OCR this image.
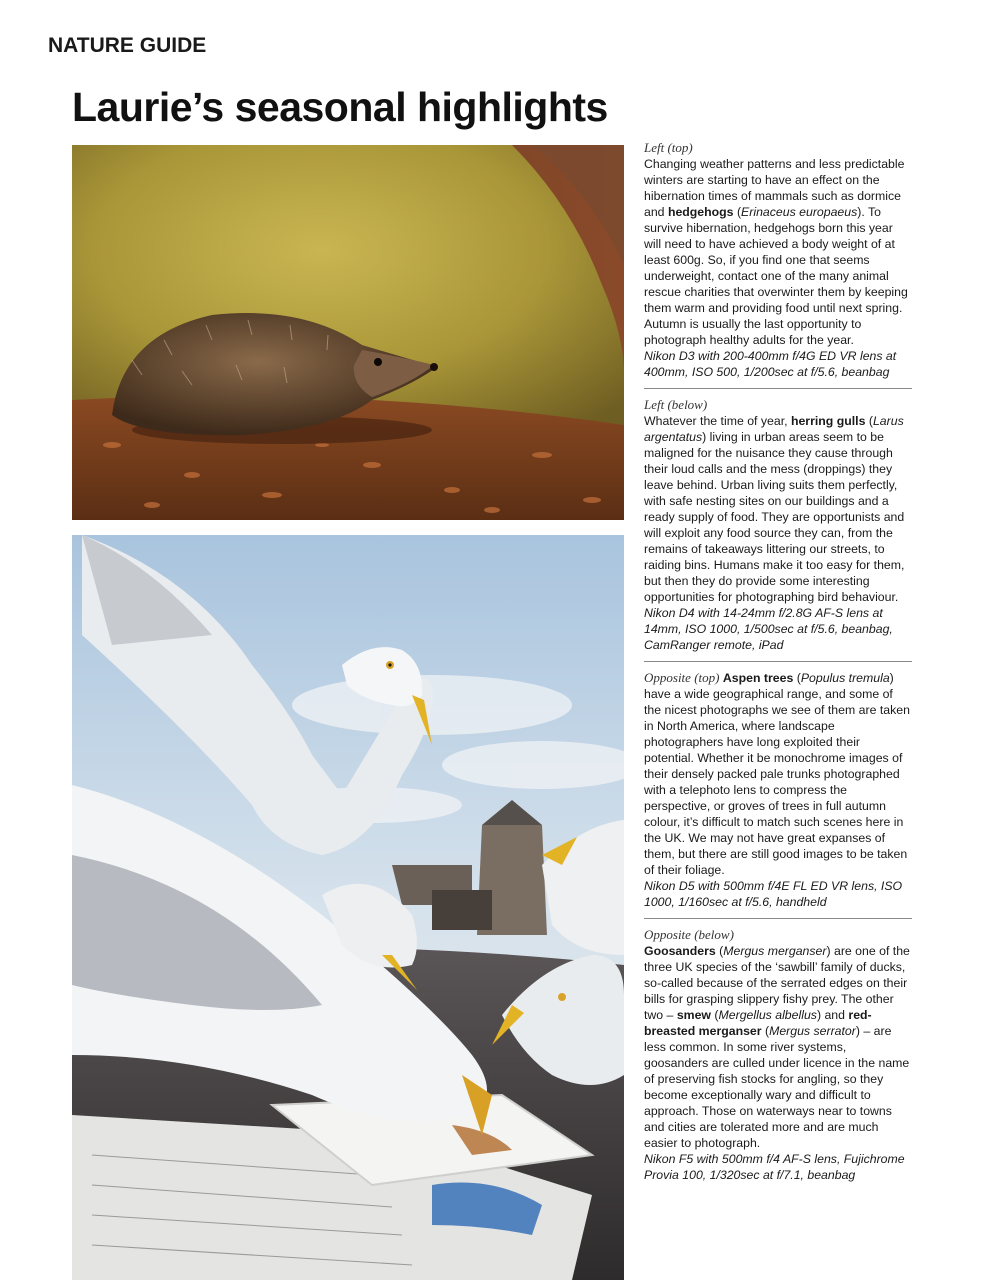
NATURE GUIDE
Laurie’s seasonal highlights

Left (top)
Changing weather patterns and less predictable winters are starting to have an effect on the hibernation times of mammals such as dormice and hedgehogs (Erinaceus europaeus). To survive hibernation, hedgehogs born this year will need to have achieved a body weight of at least 600g. So, if you find one that seems underweight, contact one of the many animal rescue charities that overwinter them by keeping them warm and providing food until next spring. Autumn is usually the last opportunity to photograph healthy adults for the year.
Nikon D3 with 200-400mm f/4G ED VR lens at 400mm, ISO 500, 1/200sec at f/5.6, beanbag

Left (below)
Whatever the time of year, herring gulls (Larus argentatus) living in urban areas seem to be maligned for the nuisance they cause through their loud calls and the mess (droppings) they leave behind. Urban living suits them perfectly, with safe nesting sites on our buildings and a ready supply of food. They are opportunists and will exploit any food source they can, from the remains of takeaways littering our streets, to raiding bins. Humans make it too easy for them, but then they do provide some interesting opportunities for photographing bird behaviour.
Nikon D4 with 14-24mm f/2.8G AF-S lens at 14mm, ISO 1000, 1/500sec at f/5.6, beanbag, CamRanger remote, iPad

Opposite (top) Aspen trees (Populus tremula) have a wide geographical range, and some of the nicest photographs we see of them are taken in North America, where landscape photographers have long exploited their potential. Whether it be monochrome images of their densely packed pale trunks photographed with a telephoto lens to compress the perspective, or groves of trees in full autumn colour, it’s difficult to match such scenes here in the UK. We may not have great expanses of them, but there are still good images to be taken of their foliage.
Nikon D5 with 500mm f/4E FL ED VR lens, ISO 1000, 1/160sec at f/5.6, handheld

Opposite (below)
Goosanders (Mergus merganser) are one of the three UK species of the ‘sawbill’ family of ducks, so-called because of the serrated edges on their bills for grasping slippery fishy prey. The other two – smew (Mergellus albellus) and red-breasted merganser (Mergus serrator) – are less common. In some river systems, goosanders are culled under licence in the name of preserving fish stocks for angling, so they become exceptionally wary and difficult to approach. Those on waterways near to towns and cities are tolerated more and are much easier to photograph.
Nikon F5 with 500mm f/4 AF-S lens, Fujichrome Provia 100, 1/320sec at f/7.1, beanbag
